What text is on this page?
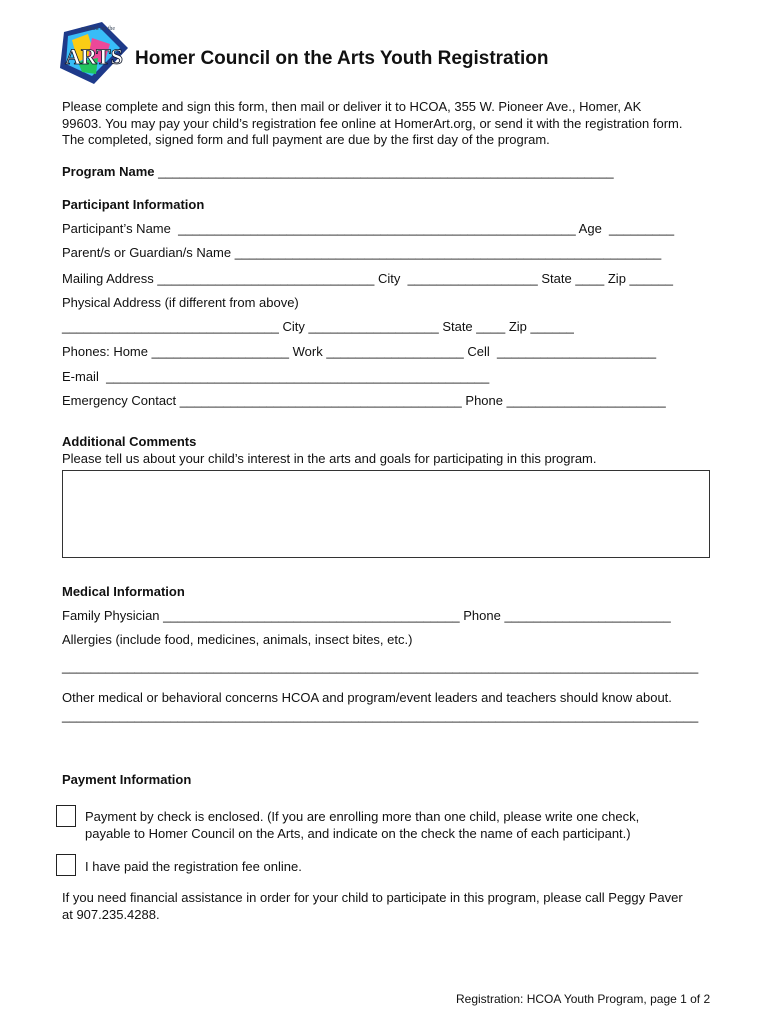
ARTS
council on the
Homer Council on the Arts Youth Registration
Please complete and sign this form, then mail or deliver it to HCOA, 355 W. Pioneer Ave., Homer, AK
99603. You may pay your child’s registration fee online at HomerArt.org, or send it with the registration form.
The completed, signed form and full payment are due by the first day of the program.
Program Name _______________________________________________________________
Participant Information
Participant’s Name _______________________________________________________ Age _________
Parent/s or Guardian/s Name ___________________________________________________________
Mailing Address ______________________________ City __________________ State ____ Zip ______
Physical Address (if different from above)
______________________________ City __________________ State ____ Zip ______
Phones: Home ___________________ Work ___________________ Cell ______________________
E-mail _____________________________________________________
Emergency Contact _______________________________________ Phone ______________________
Additional Comments
Please tell us about your child’s interest in the arts and goals for participating in this program.
Medical Information
Family Physician _________________________________________ Phone _______________________
Allergies (include food, medicines, animals, insect bites, etc.)
________________________________________________________________________________________
Other medical or behavioral concerns HCOA and program/event leaders and teachers should know about.
________________________________________________________________________________________
Payment Information
Payment by check is enclosed. (If you are enrolling more than one child, please write one check,
payable to Homer Council on the Arts, and indicate on the check the name of each participant.)
I have paid the registration fee online.
If you need financial assistance in order for your child to participate in this program, please call Peggy Paver
at 907.235.4288.
Registration: HCOA Youth Program, page 1 of 2
